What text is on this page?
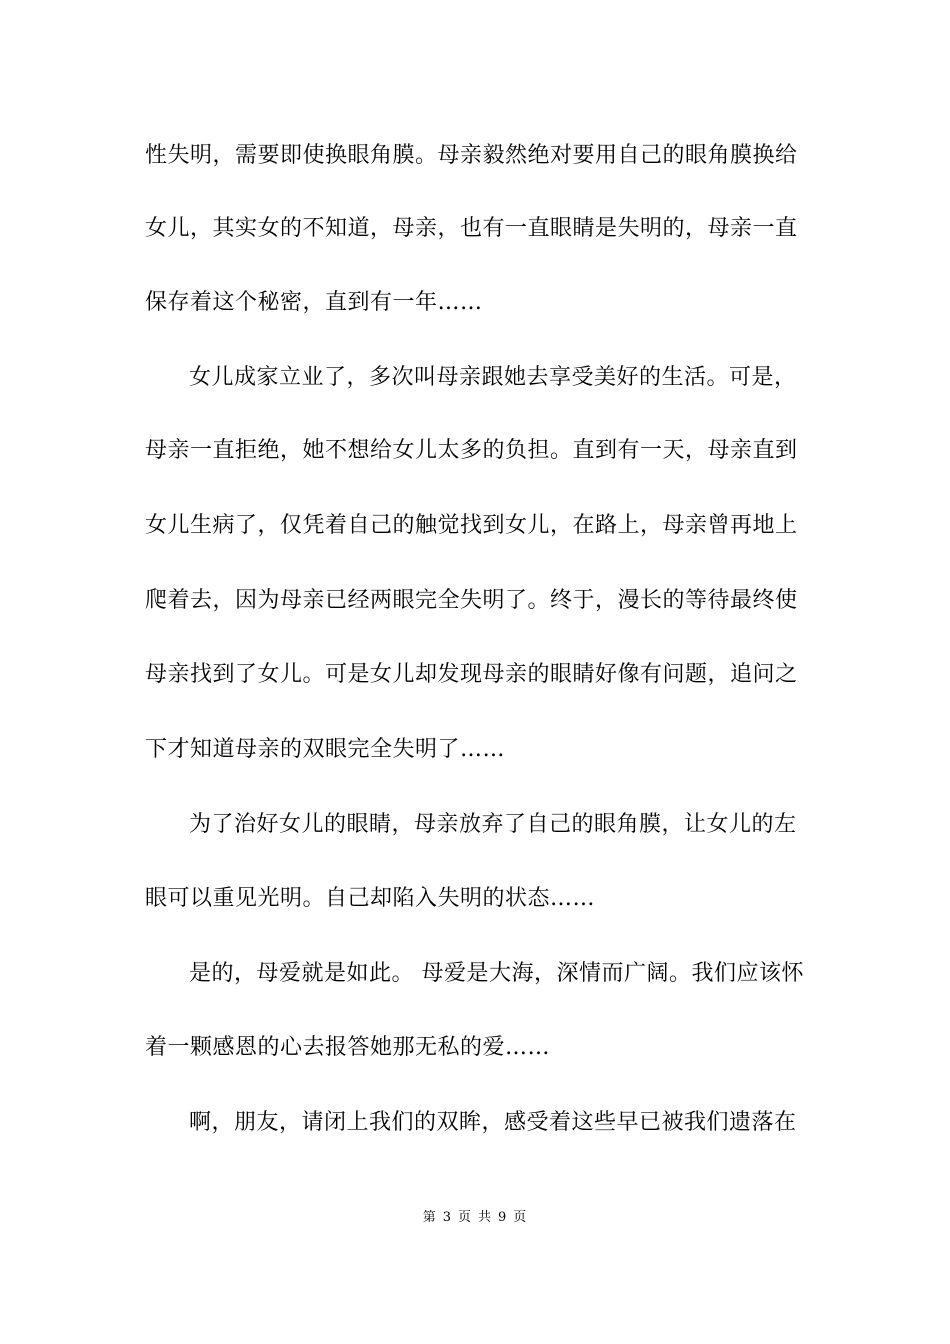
性失明，需要即使换眼角膜。母亲毅然绝对要用自己的眼角膜换给
女儿，其实女的不知道，母亲，也有一直眼睛是失明的，母亲一直
保存着这个秘密，直到有一年……
女儿成家立业了，多次叫母亲跟她去享受美好的生活。可是，
母亲一直拒绝，她不想给女儿太多的负担。直到有一天，母亲直到
女儿生病了，仅凭着自己的触觉找到女儿，在路上，母亲曾再地上
爬着去，因为母亲已经两眼完全失明了。终于，漫长的等待最终使
母亲找到了女儿。可是女儿却发现母亲的眼睛好像有问题，追问之
下才知道母亲的双眼完全失明了……
为了治好女儿的眼睛，母亲放弃了自己的眼角膜，让女儿的左
眼可以重见光明。自己却陷入失明的状态……
是的，母爱就是如此。 母爱是大海，深情而广阔。我们应该怀
着一颗感恩的心去报答她那无私的爱……
啊，朋友，请闭上我们的双眸，感受着这些早已被我们遗落在
第 3 页 共 9 页
